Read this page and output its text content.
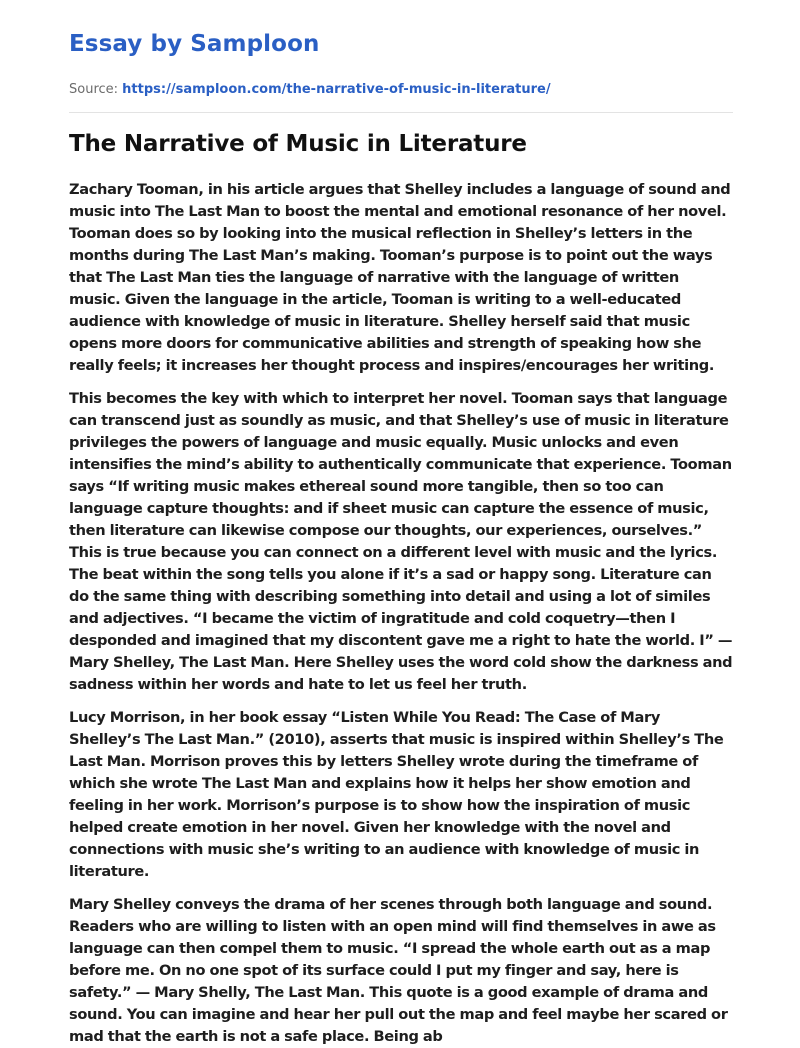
Essay by Samploon
Source: https://samploon.com/the-narrative-of-music-in-literature/
The Narrative of Music in Literature

Zachary Tooman, in his article argues that Shelley includes a language of sound and music into The Last Man to boost the mental and emotional resonance of her novel. Tooman does so by looking into the musical reflection in Shelley’s letters in the months during The Last Man’s making. Tooman’s purpose is to point out the ways that The Last Man ties the language of narrative with the language of written music. Given the language in the article, Tooman is writing to a well-educated audience with knowledge of music in literature. Shelley herself said that music opens more doors for communicative abilities and strength of speaking how she really feels; it increases her thought process and inspires/encourages her writing.

This becomes the key with which to interpret her novel. Tooman says that language can transcend just as soundly as music, and that Shelley’s use of music in literature privileges the powers of language and music equally. Music unlocks and even intensifies the mind’s ability to authentically communicate that experience. Tooman says “If writing music makes ethereal sound more tangible, then so too can language capture thoughts: and if sheet music can capture the essence of music, then literature can likewise compose our thoughts, our experiences, ourselves.” This is true because you can connect on a different level with music and the lyrics. The beat within the song tells you alone if it’s a sad or happy song. Literature can do the same thing with describing something into detail and using a lot of similes and adjectives. “I became the victim of ingratitude and cold coquetry—then I desponded and imagined that my discontent gave me a right to hate the world. I” — Mary Shelley, The Last Man. Here Shelley uses the word cold show the darkness and sadness within her words and hate to let us feel her truth.

Lucy Morrison, in her book essay “Listen While You Read: The Case of Mary Shelley’s The Last Man.” (2010), asserts that music is inspired within Shelley’s The Last Man. Morrison proves this by letters Shelley wrote during the timeframe of which she wrote The Last Man and explains how it helps her show emotion and feeling in her work. Morrison’s purpose is to show how the inspiration of music helped create emotion in her novel. Given her knowledge with the novel and connections with music she’s writing to an audience with knowledge of music in literature.

Mary Shelley conveys the drama of her scenes through both language and sound. Readers who are willing to listen with an open mind will find themselves in awe as language can then compel them to music. “I spread the whole earth out as a map before me. On no one spot of its surface could I put my finger and say, here is safety.” — Mary Shelly, The Last Man. This quote is a good example of drama and sound. You can imagine and hear her pull out the map and feel maybe her scared or mad that the earth is not a safe place. Being ab
